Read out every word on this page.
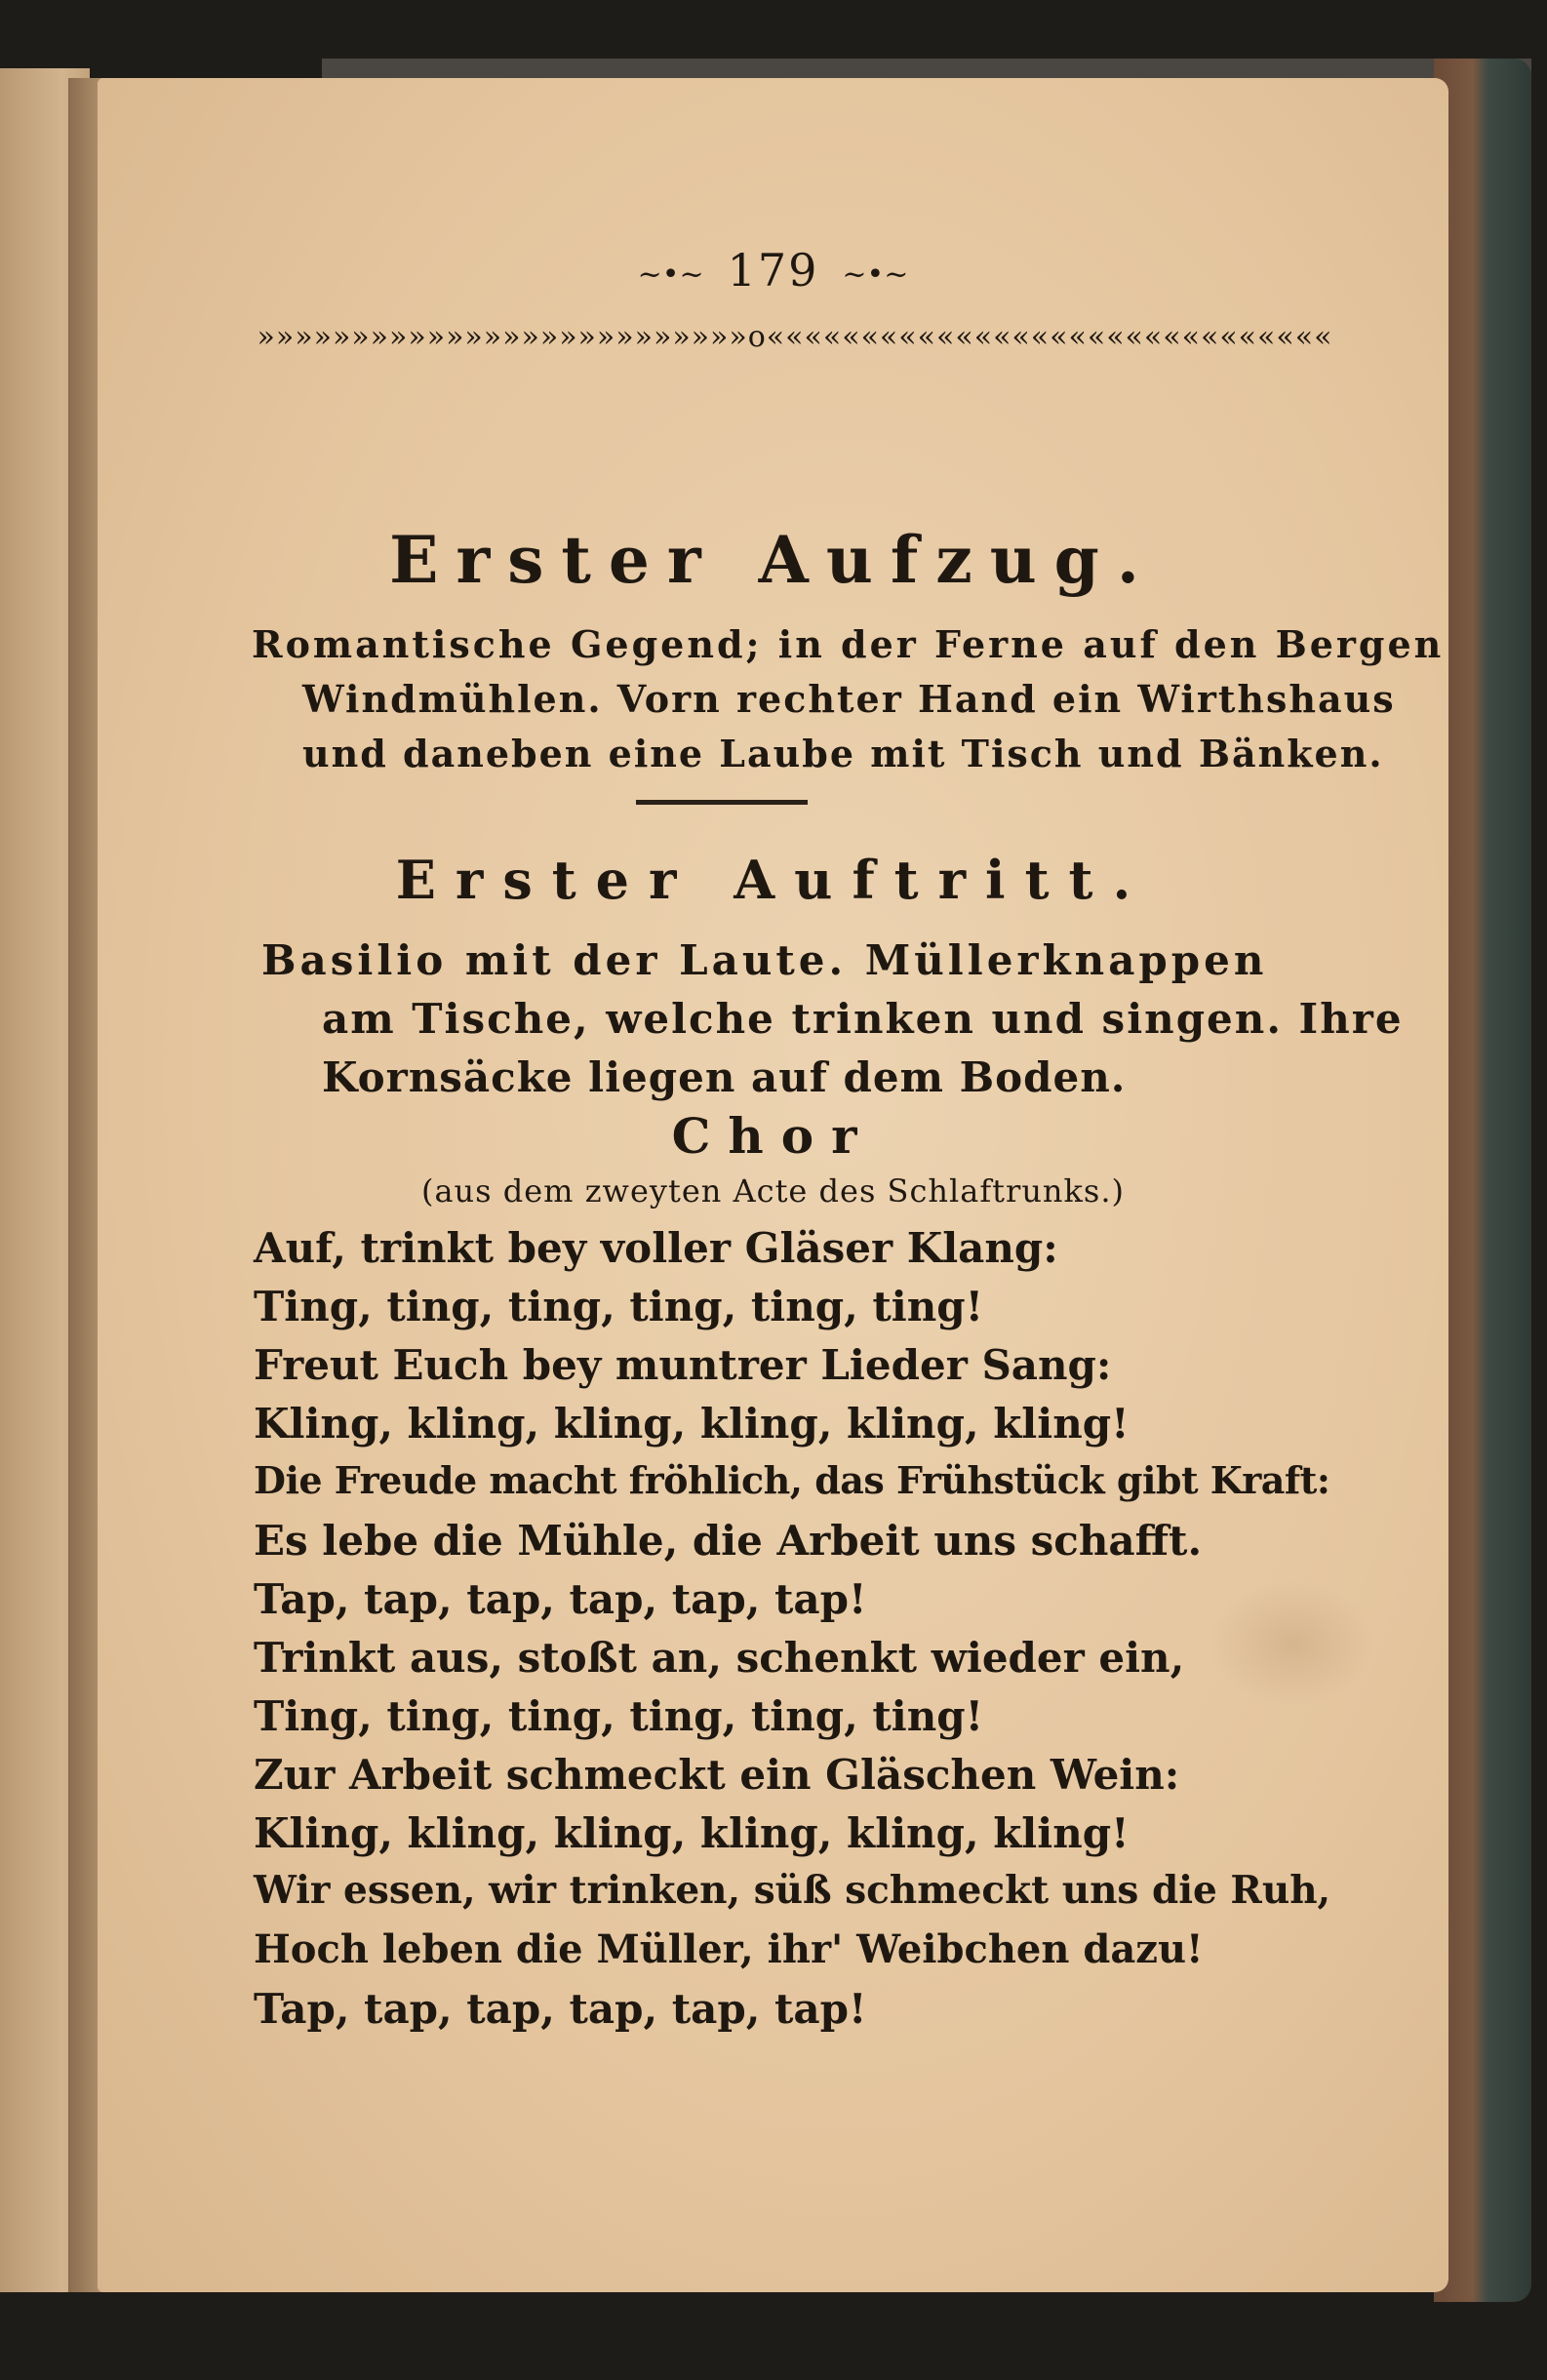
~•~ 179 ~•~
»»»»»»»»»»»»»»»»»»»»»»»»»»o««««««««««««««««««««««««««««««
Erster Aufzug.
Romantische Gegend; in der Ferne auf den Bergen
Windmühlen. Vorn rechter Hand ein Wirthshaus
und daneben eine Laube mit Tisch und Bänken.
Erster Auftritt.
Basilio mit der Laute. Müllerknappen
am Tische, welche trinken und singen. Ihre
Kornsäcke liegen auf dem Boden.
Chor
(aus dem zweyten Acte des Schlaftrunks.)
Auf, trinkt bey voller Gläser Klang:
Ting, ting, ting, ting, ting, ting!
Freut Euch bey muntrer Lieder Sang:
Kling, kling, kling, kling, kling, kling!
Die Freude macht fröhlich, das Frühstück gibt Kraft:
Es lebe die Mühle, die Arbeit uns schafft.
Tap, tap, tap, tap, tap, tap!
Trinkt aus, stoßt an, schenkt wieder ein,
Ting, ting, ting, ting, ting, ting!
Zur Arbeit schmeckt ein Gläschen Wein:
Kling, kling, kling, kling, kling, kling!
Wir essen, wir trinken, süß schmeckt uns die Ruh,
Hoch leben die Müller, ihr' Weibchen dazu!
Tap, tap, tap, tap, tap, tap!
